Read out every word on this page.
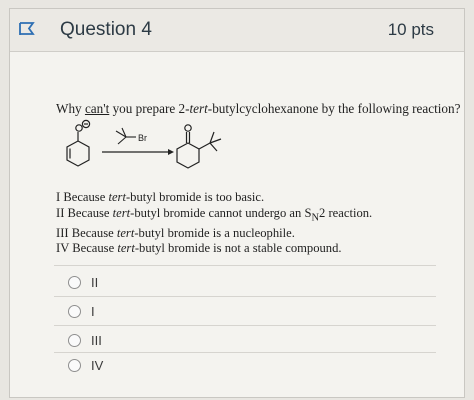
Question 4	10 pts
Why can't you prepare 2-tert-butylcyclohexanone by the following reaction?
Br
I Because tert-butyl bromide is too basic.
II Because tert-butyl bromide cannot undergo an $S_N2$ reaction.
III Because tert-butyl bromide is a nucleophile.
IV Because tert-butyl bromide is not a stable compound.
II
I
III
IV
